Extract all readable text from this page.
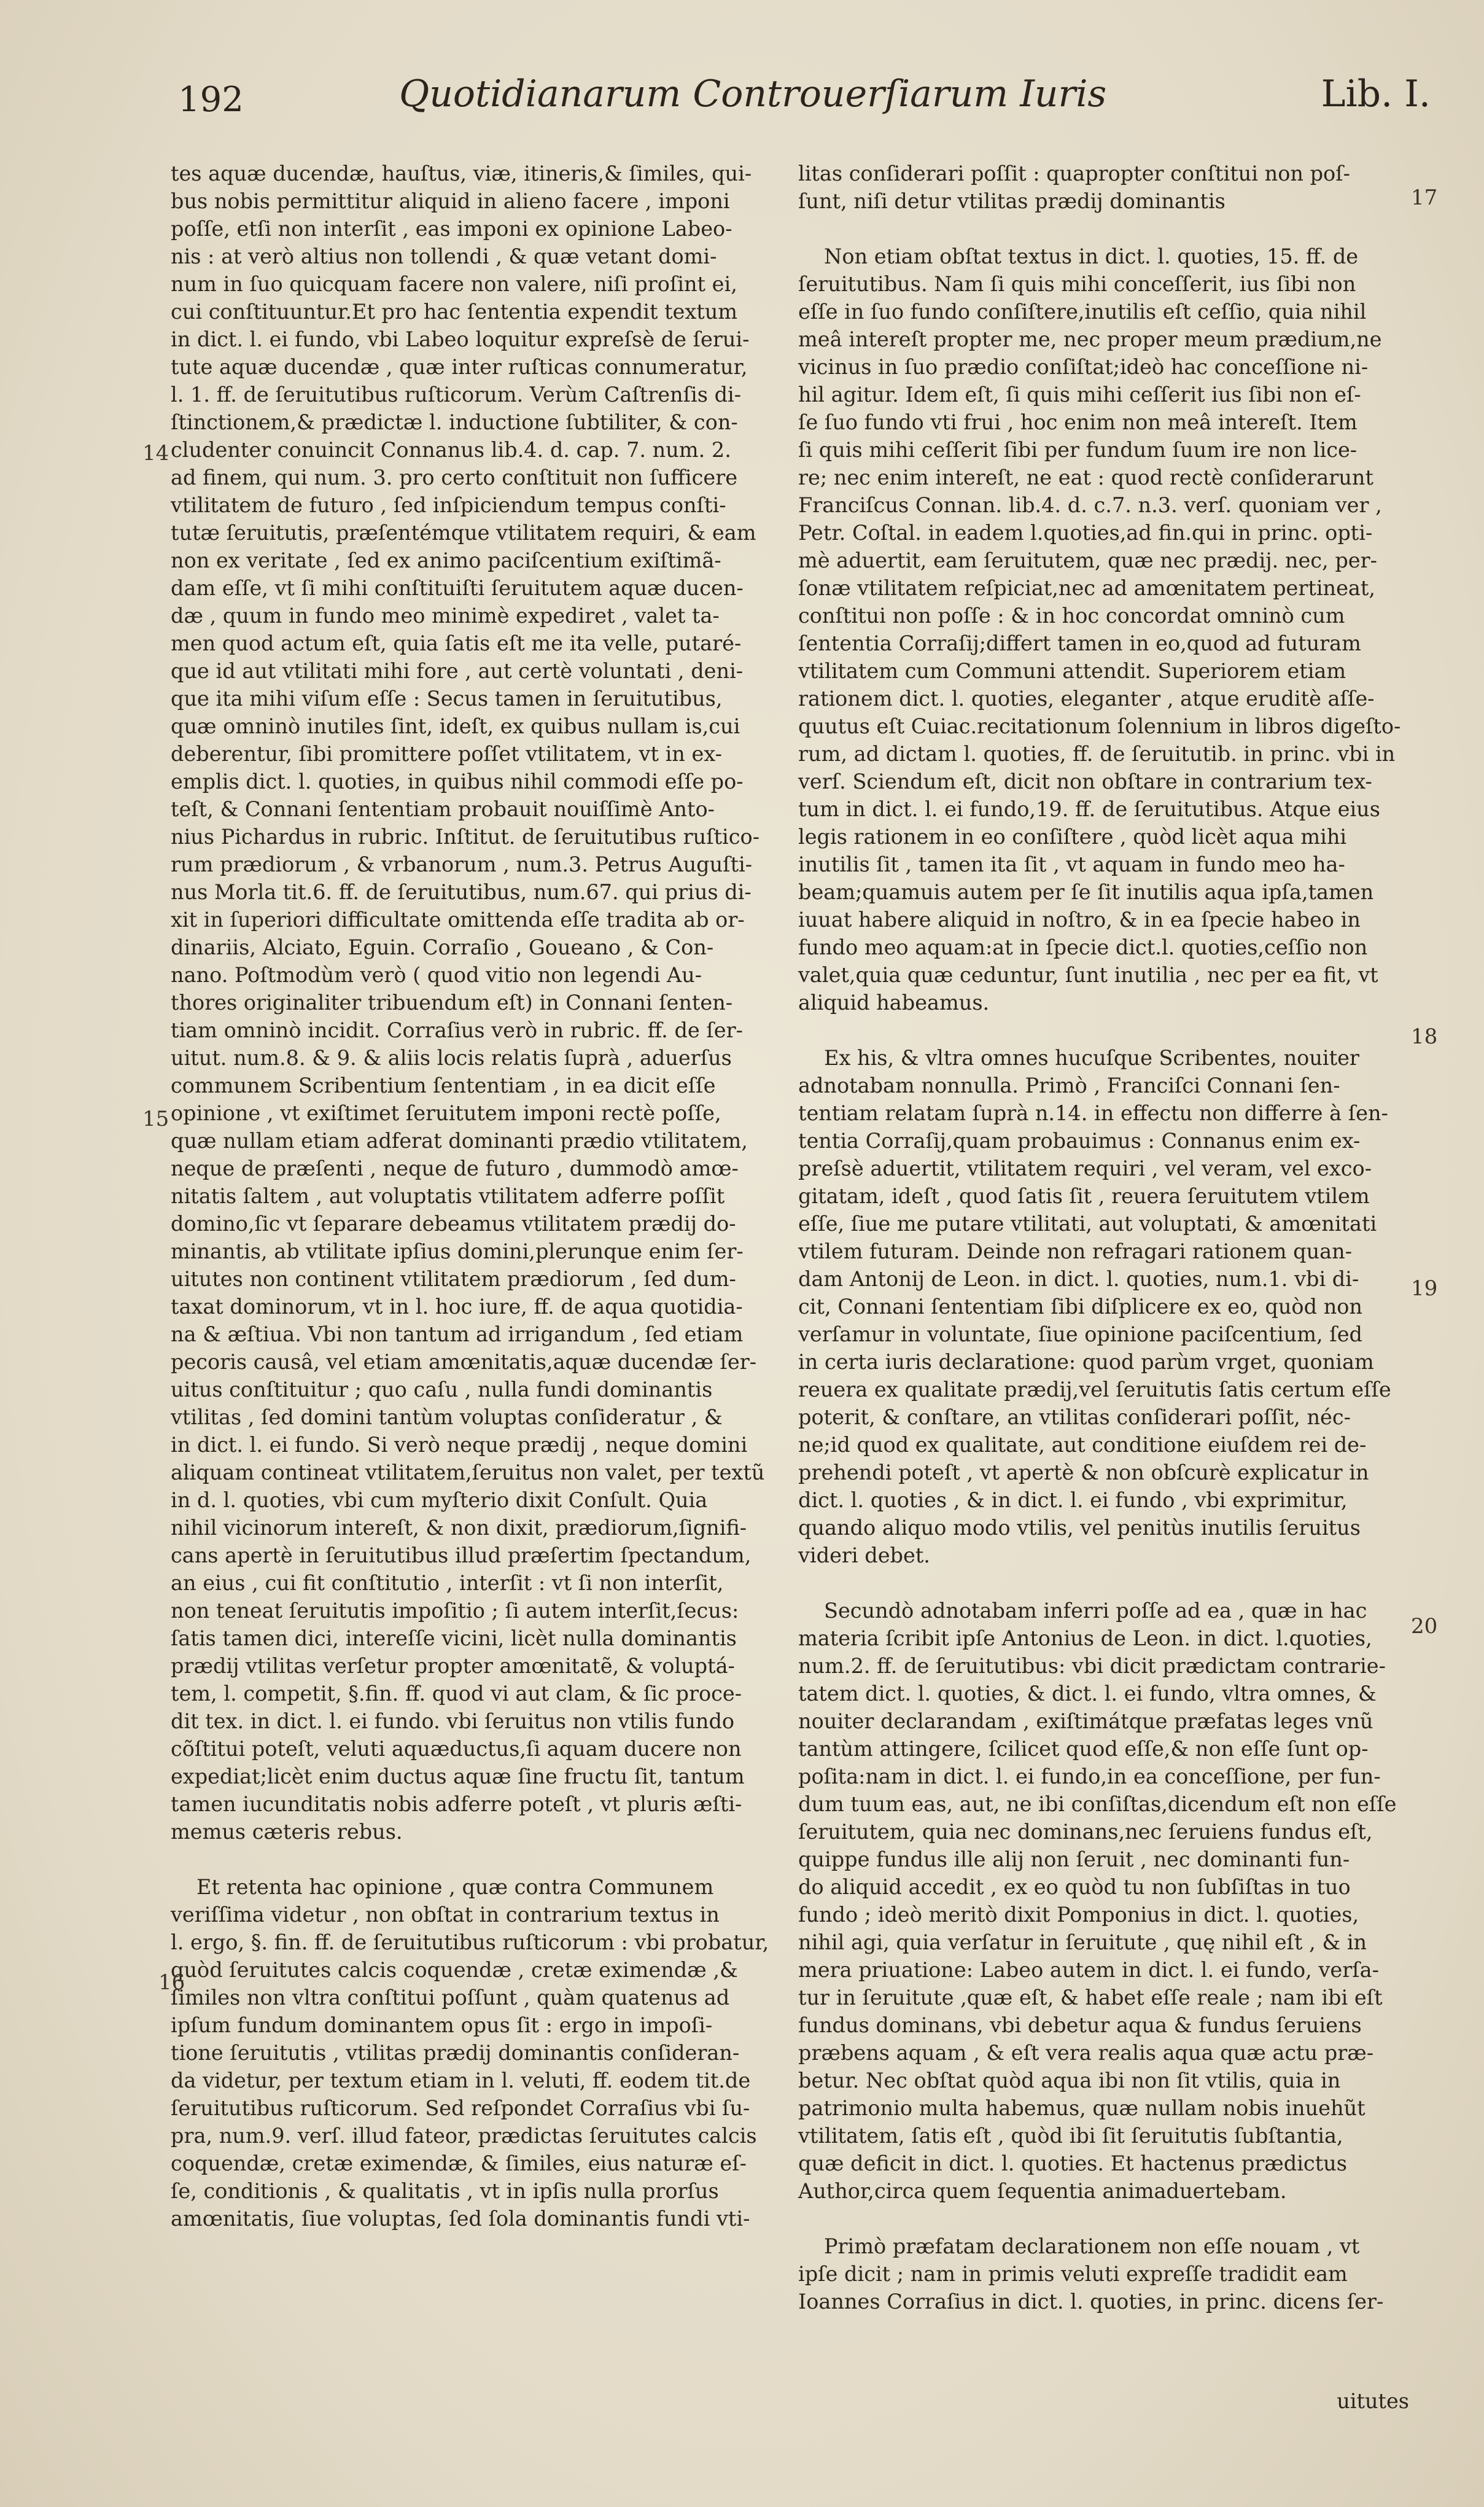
192	Quotidianarum Controuerſiarum Iuris	Lib. I.

tes aquæ ducendæ, hauſtus, viæ, itineris,& ſimiles, qui-
bus nobis permittitur aliquid in alieno facere , imponi
poſſe, etſi non interſit , eas imponi ex opinione Labeo-
nis : at verò altius non tollendi , & quæ vetant domi-
num in ſuo quicquam facere non valere, niſi proſint ei,
cui conſtituuntur.Et pro hac ſententia expendit textum
in dict. l. ei fundo, vbi Labeo loquitur expreſsè de ſerui-
tute aquæ ducendæ , quæ inter ruſticas connumeratur,
l. 1. ff. de ſeruitutibus ruſticorum. Verùm Caſtrenſis di-
ſtinctionem,& prædictæ l. inductione ſubtiliter, & con-
cludenter conuincit Connanus lib.4. d. cap. 7. num. 2.
ad finem, qui num. 3. pro certo conſtituit non ſufficere
vtilitatem de futuro , ſed inſpiciendum tempus conſti-
tutæ ſeruitutis, præſentémque vtilitatem requiri, & eam
non ex veritate , ſed ex animo paciſcentium exiſtimã-
dam eſſe, vt ſi mihi conſtituiſti ſeruitutem aquæ ducen-
dæ , quum in fundo meo minimè expediret , valet ta-
men quod actum eſt, quia ſatis eſt me ita velle, putaré-
que id aut vtilitati mihi fore , aut certè voluntati , deni-
que ita mihi viſum eſſe : Secus tamen in ſeruitutibus,
quæ omninò inutiles ſint, ideſt, ex quibus nullam is,cui
deberentur, ſibi promittere poſſet vtilitatem, vt in ex-
emplis dict. l. quoties, in quibus nihil commodi eſſe po-
teſt, & Connani ſententiam probauit nouiſſimè Anto-
nius Pichardus in rubric. Inſtitut. de ſeruitutibus ruſtico-
rum prædiorum , & vrbanorum , num.3. Petrus Auguſti-
nus Morla tit.6. ff. de ſeruitutibus, num.67. qui prius di-
xit in ſuperiori difficultate omittenda eſſe tradita ab or-
dinariis, Alciato, Eguin. Corraſio , Goueano , & Con-
nano. Poſtmodùm verò ( quod vitio non legendi Au-
thores originaliter tribuendum eſt) in Connani ſenten-
tiam omninò incidit. Corraſius verò in rubric. ff. de ſer-
uitut. num.8. & 9. & aliis locis relatis ſuprà , aduerſus
communem Scribentium ſententiam , in ea dicit eſſe
opinione , vt exiſtimet ſeruitutem imponi rectè poſſe,
quæ nullam etiam adferat dominanti prædio vtilitatem,
neque de præſenti , neque de futuro , dummodò amœ-
nitatis ſaltem , aut voluptatis vtilitatem adferre poſſit
domino,ſic vt ſeparare debeamus vtilitatem prædij do-
minantis, ab vtilitate ipſius domini,plerunque enim ſer-
uitutes non continent vtilitatem prædiorum , ſed dum-
taxat dominorum, vt in l. hoc iure, ff. de aqua quotidia-
na & æſtiua. Vbi non tantum ad irrigandum , ſed etiam
pecoris causâ, vel etiam amœnitatis,aquæ ducendæ ſer-
uitus conſtituitur ; quo caſu , nulla fundi dominantis
vtilitas , ſed domini tantùm voluptas conſideratur , &
in dict. l. ei fundo. Si verò neque prædij , neque domini
aliquam contineat vtilitatem,ſeruitus non valet, per textũ
in d. l. quoties, vbi cum myſterio dixit Conſult. Quia
nihil vicinorum intereſt, & non dixit, prædiorum,ſignifi-
cans apertè in ſeruitutibus illud præſertim ſpectandum,
an eius , cui fit conſtitutio , interſit : vt ſi non interſit,
non teneat ſeruitutis impoſitio ; ſi autem interſit,ſecus:
ſatis tamen dici, intereſſe vicini, licèt nulla dominantis
prædij vtilitas verſetur propter amœnitatẽ, & voluptá-
tem, l. competit, §.fin. ff. quod vi aut clam, & ſic proce-
dit tex. in dict. l. ei fundo. vbi ſeruitus non vtilis fundo
cõſtitui poteſt, veluti aquæductus,ſi aquam ducere non
expediat;licèt enim ductus aquæ ſine fructu ſit, tantum
tamen iucunditatis nobis adferre poteſt , vt pluris æſti-
memus cæteris rebus.

Et retenta hac opinione , quæ contra Communem
veriſſima videtur , non obſtat in contrarium textus in
l. ergo, §. fin. ff. de ſeruitutibus ruſticorum : vbi probatur,
quòd ſeruitutes calcis coquendæ , cretæ eximendæ ,&
ſimiles non vltra conſtitui poſſunt , quàm quatenus ad
ipſum fundum dominantem opus ſit : ergo in impoſi-
tione ſeruitutis , vtilitas prædij dominantis conſideran-
da videtur, per textum etiam in l. veluti, ff. eodem tit.de
ſeruitutibus ruſticorum. Sed reſpondet Corraſius vbi ſu-
pra, num.9. verſ. illud fateor, prædictas ſeruitutes calcis
coquendæ, cretæ eximendæ, & ſimiles, eius naturæ eſ-
ſe, conditionis , & qualitatis , vt in ipſis nulla prorſus
amœnitatis, ſiue voluptas, ſed ſola dominantis fundi vti-

litas conſiderari poſſit : quapropter conſtitui non poſ-
ſunt, niſi detur vtilitas prædij dominantis

Non etiam obſtat textus in dict. l. quoties, 15. ff. de
ſeruitutibus. Nam ſi quis mihi conceſſerit, ius ſibi non
eſſe in ſuo fundo conſiſtere,inutilis eſt ceſſio, quia nihil
meâ intereſt propter me, nec proper meum prædium,ne
vicinus in ſuo prædio conſiſtat;ideò hac conceſſione ni-
hil agitur. Idem eſt, ſi quis mihi ceſſerit ius ſibi non eſ-
ſe ſuo fundo vti frui , hoc enim non meâ intereſt. Item
ſi quis mihi ceſſerit ſibi per fundum ſuum ire non lice-
re; nec enim intereſt, ne eat : quod rectè conſiderarunt
Franciſcus Connan. lib.4. d. c.7. n.3. verſ. quoniam ver ,
Petr. Coſtal. in eadem l.quoties,ad fin.qui in princ. opti-
mè aduertit, eam ſeruitutem, quæ nec prædij. nec, per-
ſonæ vtilitatem reſpiciat,nec ad amœnitatem pertineat,
conſtitui non poſſe : & in hoc concordat omninò cum
ſententia Corraſij;differt tamen in eo,quod ad futuram
vtilitatem cum Communi attendit. Superiorem etiam
rationem dict. l. quoties, eleganter , atque eruditè aſſe-
quutus eſt Cuiac.recitationum ſolennium in libros digeſto-
rum, ad dictam l. quoties, ff. de ſeruitutib. in princ. vbi in
verſ. Sciendum eſt, dicit non obſtare in contrarium tex-
tum in dict. l. ei fundo,19. ff. de ſeruitutibus. Atque eius
legis rationem in eo conſiſtere , quòd licèt aqua mihi
inutilis ſit , tamen ita ſit , vt aquam in fundo meo ha-
beam;quamuis autem per ſe ſit inutilis aqua ipſa,tamen
iuuat habere aliquid in noſtro, & in ea ſpecie habeo in
fundo meo aquam:at in ſpecie dict.l. quoties,ceſſio non
valet,quia quæ ceduntur, ſunt inutilia , nec per ea fit, vt
aliquid habeamus.

Ex his, & vltra omnes hucuſque Scribentes, nouiter
adnotabam nonnulla. Primò , Franciſci Connani ſen-
tentiam relatam ſuprà n.14. in effectu non differre à ſen-
tentia Corraſij,quam probauimus : Connanus enim ex-
preſsè aduertit, vtilitatem requiri , vel veram, vel exco-
gitatam, ideſt , quod ſatis ſit , reuera ſeruitutem vtilem
eſſe, ſiue me putare vtilitati, aut voluptati, & amœnitati
vtilem futuram. Deinde non refragari rationem quan-
dam Antonij de Leon. in dict. l. quoties, num.1. vbi di-
cit, Connani ſententiam ſibi diſplicere ex eo, quòd non
verſamur in voluntate, ſiue opinione paciſcentium, ſed
in certa iuris declaratione: quod parùm vrget, quoniam
reuera ex qualitate prædij,vel ſeruitutis ſatis certum eſſe
poterit, & conſtare, an vtilitas conſiderari poſſit, néc-
ne;id quod ex qualitate, aut conditione eiuſdem rei de-
prehendi poteſt , vt apertè & non obſcurè explicatur in
dict. l. quoties , & in dict. l. ei fundo , vbi exprimitur,
quando aliquo modo vtilis, vel penitùs inutilis ſeruitus
videri debet.

Secundò adnotabam inferri poſſe ad ea , quæ in hac
materia ſcribit ipſe Antonius de Leon. in dict. l.quoties,
num.2. ff. de ſeruitutibus: vbi dicit prædictam contrarie-
tatem dict. l. quoties, & dict. l. ei fundo, vltra omnes, &
nouiter declarandam , exiſtimátque præfatas leges vnũ
tantùm attingere, ſcilicet quod eſſe,& non eſſe ſunt op-
poſita:nam in dict. l. ei fundo,in ea conceſſione, per fun-
dum tuum eas, aut, ne ibi conſiſtas,dicendum eſt non eſſe
ſeruitutem, quia nec dominans,nec ſeruiens fundus eſt,
quippe fundus ille alij non ſeruit , nec dominanti fun-
do aliquid accedit , ex eo quòd tu non ſubſiſtas in tuo
fundo ; ideò meritò dixit Pomponius in dict. l. quoties,
nihil agi, quia verſatur in ſeruitute , quę nihil eſt , & in
mera priuatione: Labeo autem in dict. l. ei fundo, verſa-
tur in ſeruitute ,quæ eſt, & habet eſſe reale ; nam ibi eſt
fundus dominans, vbi debetur aqua & fundus ſeruiens
præbens aquam , & eſt vera realis aqua quæ actu præ-
betur. Nec obſtat quòd aqua ibi non ſit vtilis, quia in
patrimonio multa habemus, quæ nullam nobis inuehũt
vtilitatem, ſatis eſt , quòd ibi ſit ſeruitutis ſubſtantia,
quæ deficit in dict. l. quoties. Et hactenus prædictus
Author,circa quem ſequentia animaduertebam.

Primò præfatam declarationem non eſſe nouam , vt
ipſe dicit ; nam in primis veluti expreſſe tradidit eam
Ioannes Corraſius in dict. l. quoties, in princ. dicens ſer-

uitutes
14
15
16
17
18
19
20
